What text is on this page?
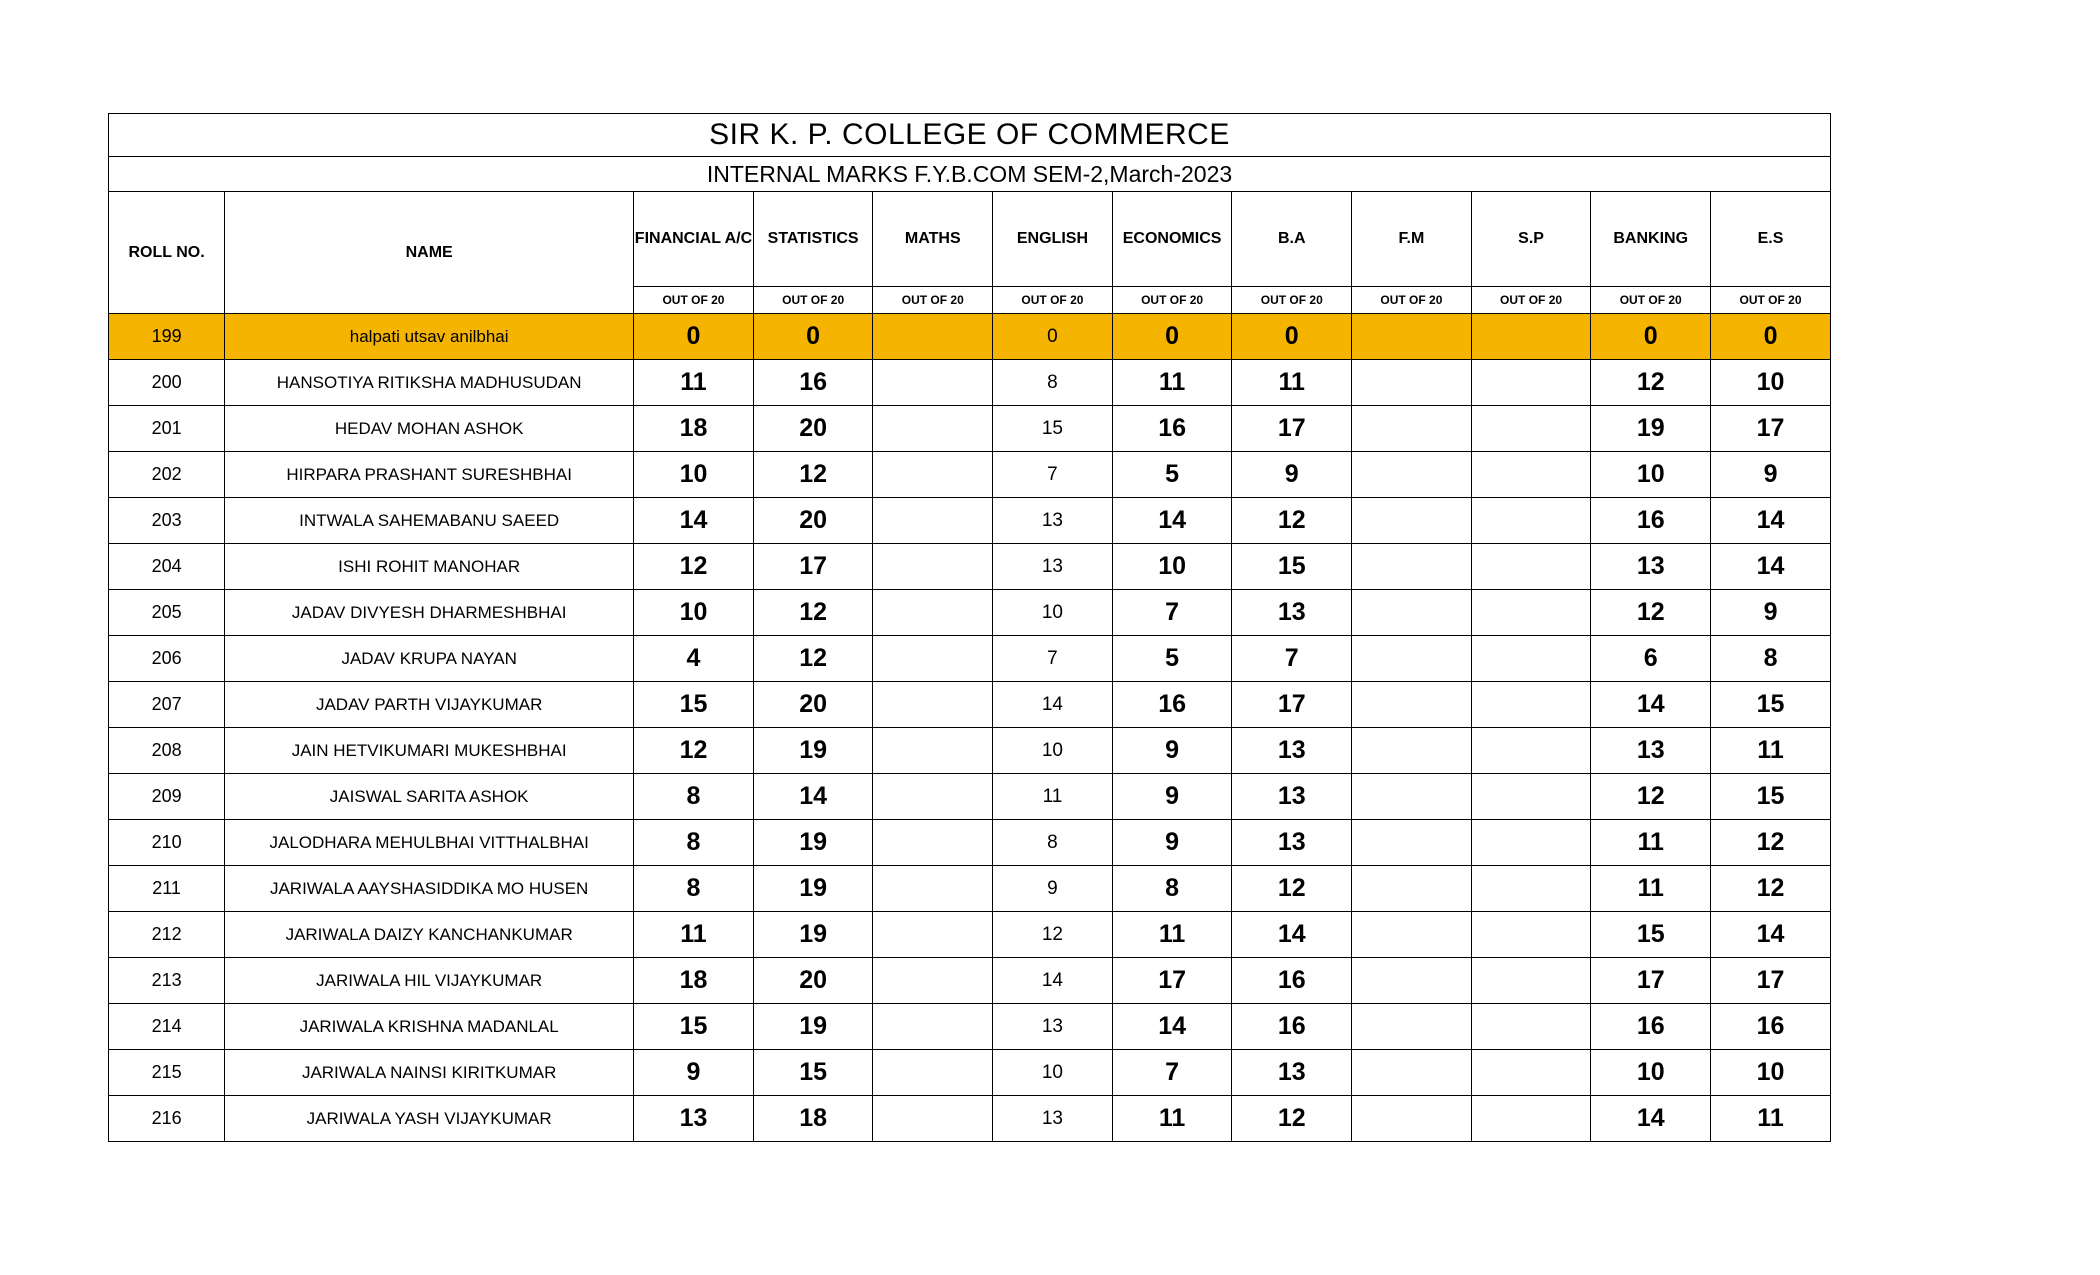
SIR K. P. COLLEGE OF COMMERCE											
INTERNAL MARKS F.Y.B.COM SEM-2,March-2023											
ROLL NO.	NAME	FINANCIAL A/C	STATISTICS	MATHS	ENGLISH	ECONOMICS	B.A	F.M	S.P	BANKING	E.S
		OUT OF 20	OUT OF 20	OUT OF 20	OUT OF 20	OUT OF 20	OUT OF 20	OUT OF 20	OUT OF 20	OUT OF 20	OUT OF 20
199	halpati utsav anilbhai	0	0		0	0	0			0	0
200	HANSOTIYA RITIKSHA MADHUSUDAN	11	16		8	11	11			12	10
201	HEDAV MOHAN ASHOK	18	20		15	16	17			19	17
202	HIRPARA PRASHANT SURESHBHAI	10	12		7	5	9			10	9
203	INTWALA SAHEMABANU SAEED	14	20		13	14	12			16	14
204	ISHI ROHIT MANOHAR	12	17		13	10	15			13	14
205	JADAV DIVYESH DHARMESHBHAI	10	12		10	7	13			12	9
206	JADAV KRUPA NAYAN	4	12		7	5	7			6	8
207	JADAV PARTH VIJAYKUMAR	15	20		14	16	17			14	15
208	JAIN HETVIKUMARI MUKESHBHAI	12	19		10	9	13			13	11
209	JAISWAL SARITA ASHOK	8	14		11	9	13			12	15
210	JALODHARA MEHULBHAI VITTHALBHAI	8	19		8	9	13			11	12
211	JARIWALA AAYSHASIDDIKA MO HUSEN	8	19		9	8	12			11	12
212	JARIWALA DAIZY KANCHANKUMAR	11	19		12	11	14			15	14
213	JARIWALA HIL VIJAYKUMAR	18	20		14	17	16			17	17
214	JARIWALA KRISHNA MADANLAL	15	19		13	14	16			16	16
215	JARIWALA NAINSI KIRITKUMAR	9	15		10	7	13			10	10
216	JARIWALA YASH VIJAYKUMAR	13	18		13	11	12			14	11
